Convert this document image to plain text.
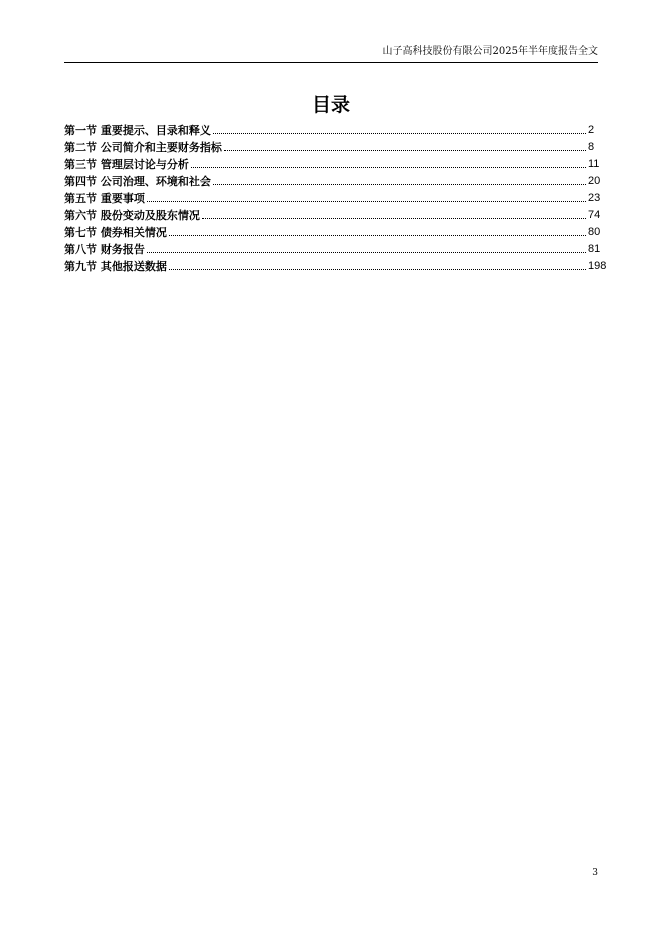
山子高科技股份有限公司2025年半年度报告全文
目录
第一节 重要提示、目录和释义	2
第二节 公司简介和主要财务指标	8
第三节 管理层讨论与分析	11
第四节 公司治理、环境和社会	20
第五节 重要事项	23
第六节 股份变动及股东情况	74
第七节 债券相关情况	80
第八节 财务报告	81
第九节 其他报送数据	198
3
